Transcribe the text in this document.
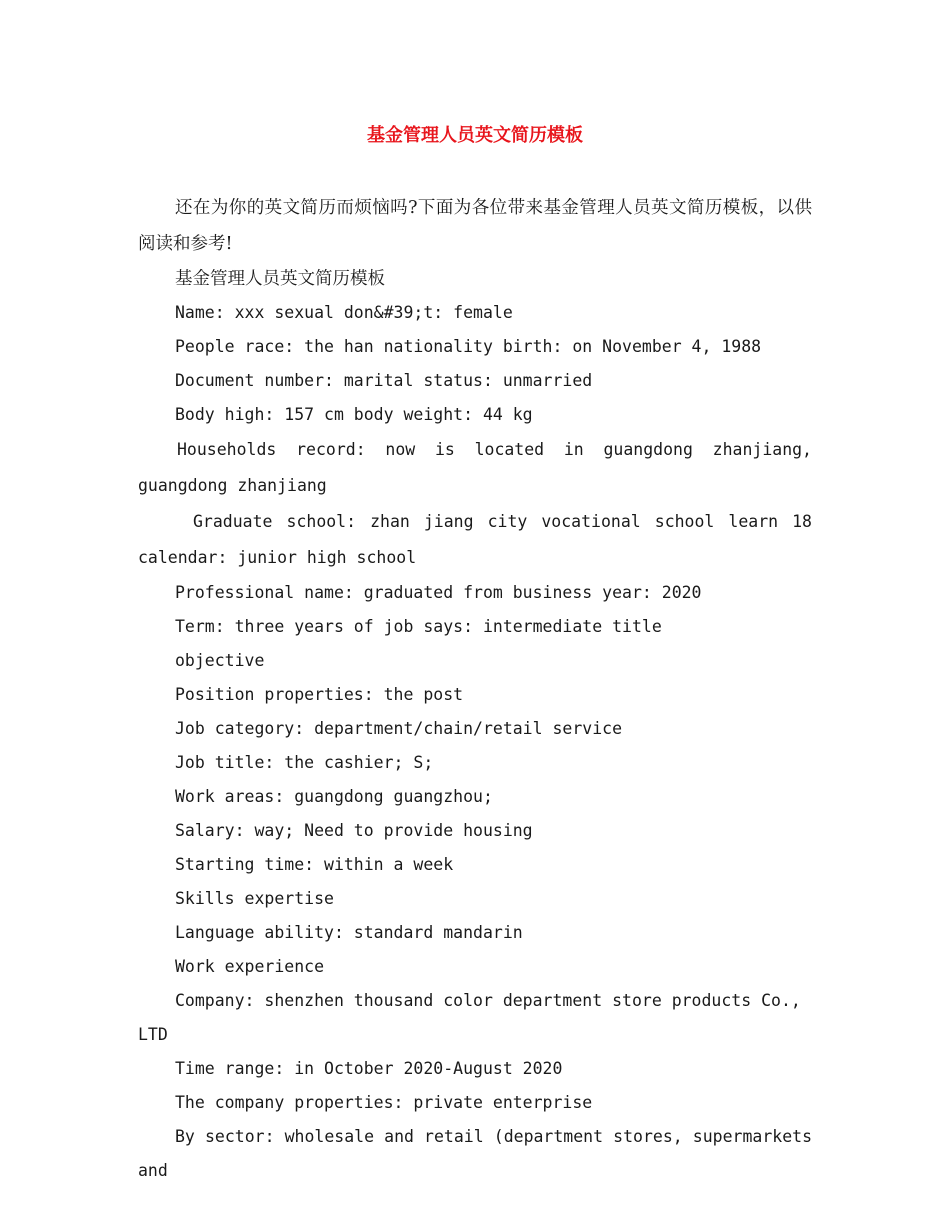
基金管理人员英文简历模板

还在为你的英文简历而烦恼吗?下面为各位带来基金管理人员英文简历模板，以供阅读和参考!

基金管理人员英文简历模板

Name: xxx sexual don&#39;t: female

People race: the han nationality birth: on November 4, 1988

Document number: marital status: unmarried

Body high: 157 cm body weight: 44 kg

Households record: now is located in guangdong zhanjiang, guangdong zhanjiang

Graduate school: zhan jiang city vocational school learn 18 calendar: junior high school

Professional name: graduated from business year: 2020

Term: three years of job says: intermediate title

objective

Position properties: the post

Job category: department/chain/retail service

Job title: the cashier; S;

Work areas: guangdong guangzhou;

Salary: way; Need to provide housing

Starting time: within a week

Skills expertise

Language ability: standard mandarin

Work experience

Company: shenzhen thousand color department store products Co., LTD

Time range: in October 2020-August 2020

The company properties: private enterprise

By sector: wholesale and retail (department stores, supermarkets and
